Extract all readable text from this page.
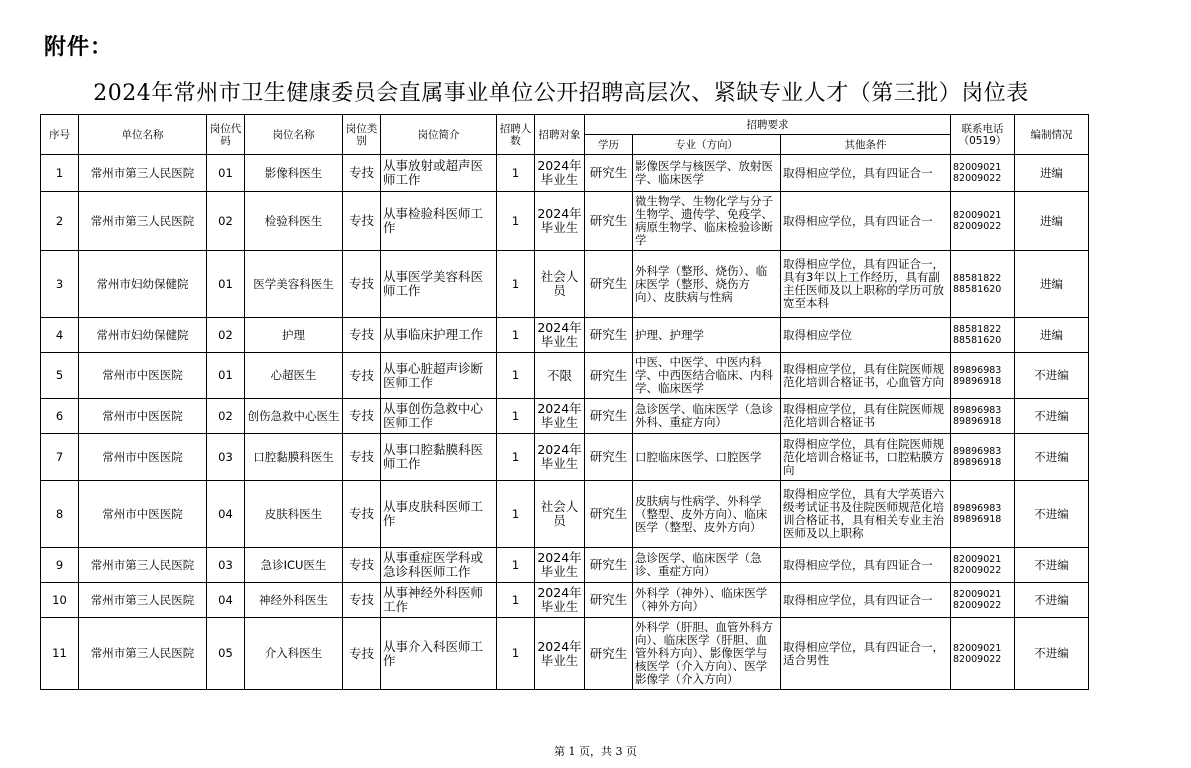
附件：
2024年常州市卫生健康委员会直属事业单位公开招聘高层次、紧缺专业人才（第三批）岗位表
序号	单位名称	岗位代码	岗位名称	岗位类别	岗位简介	招聘人数	招聘对象	招聘要求			联系电话（0519）	编制情况
								学历	专业（方向）	其他条件		
1	常州市第三人民医院	01	影像科医生	专技	从事放射或超声医师工作	1	2024年毕业生	研究生	影像医学与核医学、放射医学、临床医学	取得相应学位，具有四证合一	82009021
82009022	进编
2	常州市第三人民医院	02	检验科医生	专技	从事检验科医师工作	1	2024年毕业生	研究生	微生物学、生物化学与分子生物学、遗传学、免疫学、病原生物学、临床检验诊断学	取得相应学位，具有四证合一	82009021
82009022	进编
3	常州市妇幼保健院	01	医学美容科医生	专技	从事医学美容科医师工作	1	社会人员	研究生	外科学（整形、烧伤）、临床医学（整形、烧伤方向）、皮肤病与性病	取得相应学位，具有四证合一，具有3年以上工作经历，具有副主任医师及以上职称的学历可放宽至本科	88581822
88581620	进编
4	常州市妇幼保健院	02	护理	专技	从事临床护理工作	1	2024年毕业生	研究生	护理、护理学	取得相应学位	88581822
88581620	进编
5	常州市中医医院	01	心超医生	专技	从事心脏超声诊断医师工作	1	不限	研究生	中医、中医学、中医内科学、中西医结合临床、内科学、临床医学	取得相应学位，具有住院医师规范化培训合格证书，心血管方向	89896983
89896918	不进编
6	常州市中医医院	02	创伤急救中心医生	专技	从事创伤急救中心医师工作	1	2024年毕业生	研究生	急诊医学、临床医学（急诊外科、重症方向）	取得相应学位，具有住院医师规范化培训合格证书	89896983
89896918	不进编
7	常州市中医医院	03	口腔黏膜科医生	专技	从事口腔黏膜科医师工作	1	2024年毕业生	研究生	口腔临床医学、口腔医学	取得相应学位，具有住院医师规范化培训合格证书，口腔粘膜方向	89896983
89896918	不进编
8	常州市中医医院	04	皮肤科医生	专技	从事皮肤科医师工作	1	社会人员	研究生	皮肤病与性病学、外科学（整型、皮外方向）、临床医学（整型、皮外方向）	取得相应学位，具有大学英语六级考试证书及住院医师规范化培训合格证书，具有相关专业主治医师及以上职称	89896983
89896918	不进编
9	常州市第三人民医院	03	急诊ICU医生	专技	从事重症医学科或急诊科医师工作	1	2024年毕业生	研究生	急诊医学、临床医学（急诊、重症方向）	取得相应学位，具有四证合一	82009021
82009022	不进编
10	常州市第三人民医院	04	神经外科医生	专技	从事神经外科医师工作	1	2024年毕业生	研究生	外科学（神外）、临床医学（神外方向）	取得相应学位，具有四证合一	82009021
82009022	不进编
11	常州市第三人民医院	05	介入科医生	专技	从事介入科医师工作	1	2024年毕业生	研究生	外科学（肝胆、血管外科方向）、临床医学（肝胆、血管外科方向）、影像医学与核医学（介入方向）、医学影像学（介入方向）	取得相应学位，具有四证合一，适合男性	82009021
82009022	不进编
第 1 页，共 3 页
